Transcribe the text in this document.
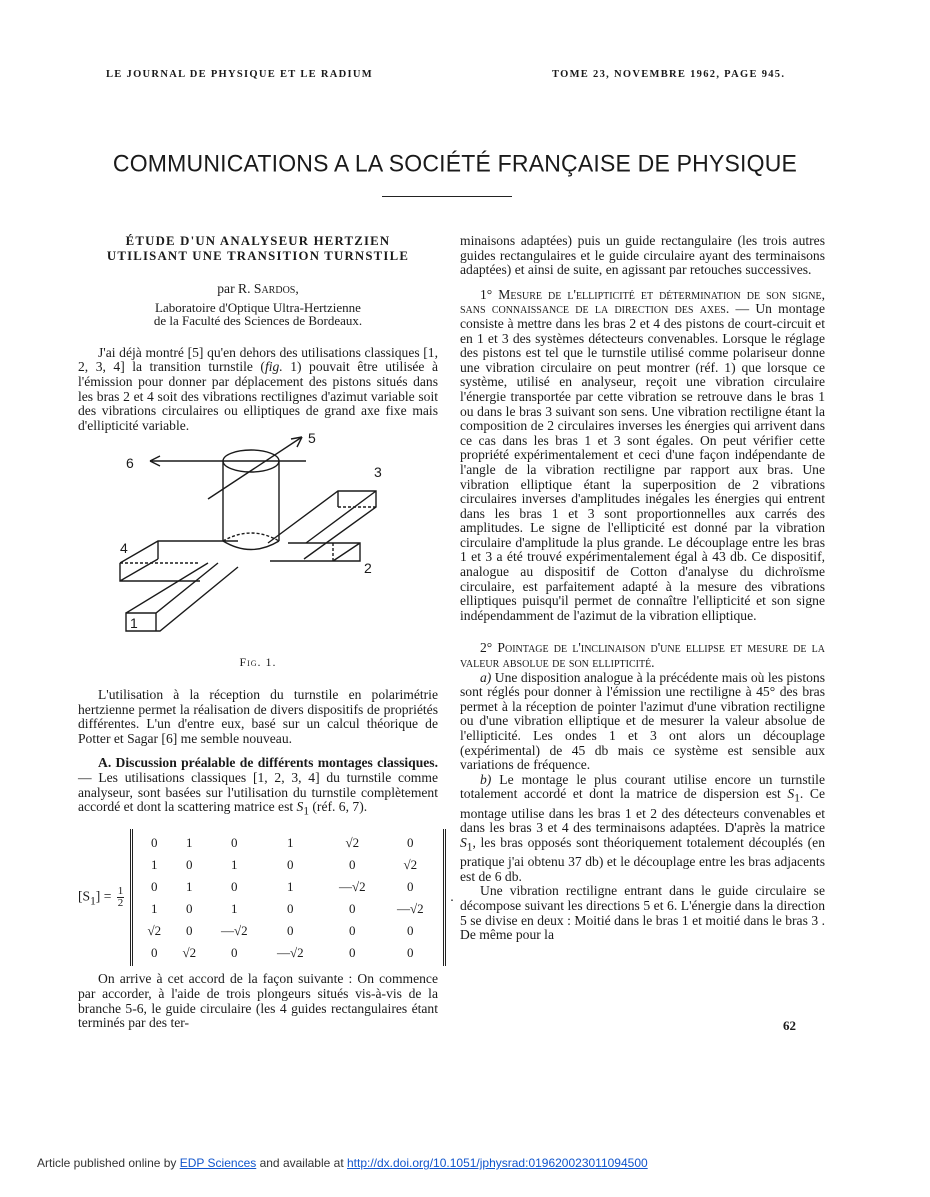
LE JOURNAL DE PHYSIQUE ET LE RADIUM	TOME 23, NOVEMBRE 1962, PAGE 945.
COMMUNICATIONS A LA SOCIÉTÉ FRANÇAISE DE PHYSIQUE
ÉTUDE D'UN ANALYSEUR HERTZIEN
UTILISANT UNE TRANSITION TURNSTILE
par R. Sardos,
Laboratoire d'Optique Ultra-Hertzienne
de la Faculté des Sciences de Bordeaux.

J'ai déjà montré [5] qu'en dehors des utilisations classiques [1, 2, 3, 4] la transition turnstile (fig. 1) pouvait être utilisée à l'émission pour donner par déplacement des pistons situés dans les bras 2 et 4 soit des vibrations rectilignes d'azimut variable soit des vibrations circulaires ou elliptiques de grand axe fixe mais d'ellipticité variable.

6
5
3
4
2
1
Fig. 1.

L'utilisation à la réception du turnstile en polarimétrie hertzienne permet la réalisation de divers dispositifs de propriétés différentes. L'un d'entre eux, basé sur un calcul théorique de Potter et Sagar [6] me semble nouveau.

A. Discussion préalable de différents montages classiques. — Les utilisations classiques [1, 2, 3, 4] du turnstile comme analyseur, sont basées sur l'utilisation du turnstile complètement accordé et dont la scattering matrice est $S_1$ (réf. 6, 7).

$[S_1] = \frac{1}{2}$
0	1	0	1	√2	0
1	0	1	0	0	√2
0	1	0	1	—√2	0
1	0	1	0	0	—√2
√2	0	—√2	0	0	0
0	√2	0	—√2	0	0
.

On arrive à cet accord de la façon suivante : On commence par accorder, à l'aide de trois plongeurs situés vis-à-vis de la branche 5-6, le guide circulaire (les 4 guides rectangulaires étant terminés par des ter-

minaisons adaptées) puis un guide rectangulaire (les trois autres guides rectangulaires et le guide circulaire ayant des terminaisons adaptées) et ainsi de suite, en agissant par retouches successives.

1° Mesure de l'ellipticité et détermination de son signe, sans connaissance de la direction des axes. — Un montage consiste à mettre dans les bras 2 et 4 des pistons de court-circuit et en 1 et 3 des systèmes détecteurs convenables. Lorsque le réglage des pistons est tel que le turnstile utilisé comme polariseur donne une vibration circulaire on peut montrer (réf. 1) que lorsque ce système, utilisé en analyseur, reçoit une vibration circulaire l'énergie transportée par cette vibration se retrouve dans le bras 1 ou dans le bras 3 suivant son sens. Une vibration rectiligne étant la composition de 2 circulaires inverses les énergies qui arrivent dans ce cas dans les bras 1 et 3 sont égales. On peut vérifier cette propriété expérimentalement et ceci d'une façon indépendante de l'angle de la vibration rectiligne par rapport aux bras. Une vibration elliptique étant la superposition de 2 vibrations circulaires inverses d'amplitudes inégales les énergies qui entrent dans les bras 1 et 3 sont proportionnelles aux carrés des amplitudes. Le signe de l'ellipticité est donné par la vibration circulaire d'amplitude la plus grande. Le découplage entre les bras 1 et 3 a été trouvé expérimentalement égal à 43 db. Ce dispositif, analogue au dispositif de Cotton d'analyse du dichroïsme circulaire, est parfaitement adapté à la mesure des vibrations elliptiques puisqu'il permet de connaître l'ellipticité et son signe indépendamment de l'azimut de la vibration elliptique.

2° Pointage de l'inclinaison d'une ellipse et mesure de la valeur absolue de son ellipticité.

a) Une disposition analogue à la précédente mais où les pistons sont réglés pour donner à l'émission une rectiligne à 45° des bras permet à la réception de pointer l'azimut d'une vibration rectiligne ou d'une vibration elliptique et de mesurer la valeur absolue de l'ellipticité. Les ondes 1 et 3 ont alors un découplage (expérimental) de 45 db mais ce système est sensible aux variations de fréquence.

b) Le montage le plus courant utilise encore un turnstile totalement accordé et dont la matrice de dispersion est $S_1$. Ce montage utilise dans les bras 1 et 2 des détecteurs convenables et dans les bras 3 et 4 des terminaisons adaptées. D'après la matrice $S_1$, les bras opposés sont théoriquement totalement découplés (en pratique j'ai obtenu 37 db) et le découplage entre les bras adjacents est de 6 db.

Une vibration rectiligne entrant dans le guide circulaire se décompose suivant les directions 5 et 6. L'énergie dans la direction 5 se divise en deux : Moitié dans le bras 1 et moitié dans le bras 3 . De même pour la

62
Article published online by EDP Sciences and available at http://dx.doi.org/10.1051/jphysrad:019620023011094500
